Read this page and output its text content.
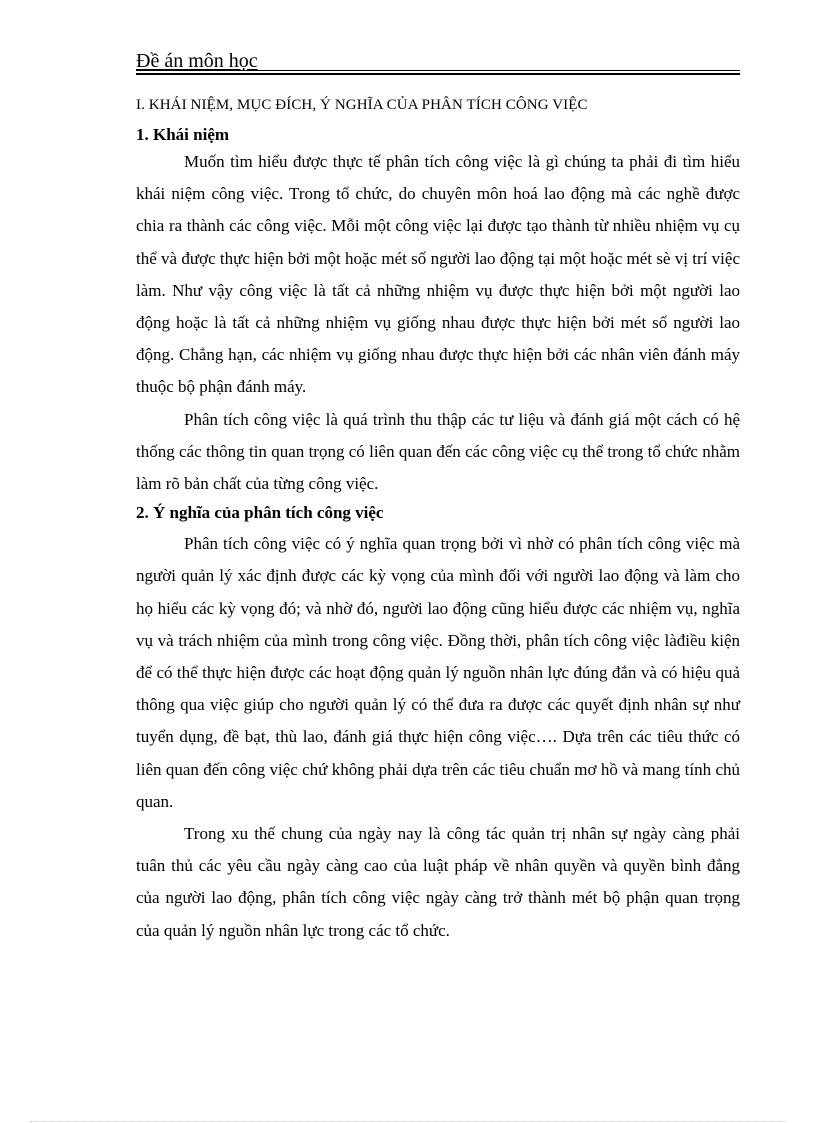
Đề án môn học
I. KHÁI NIỆM, MỤC ĐÍCH, Ý NGHĨA CỦA PHÂN TÍCH CÔNG VIỆC
1. Khái niệm

Muốn tìm hiểu được thực tế phân tích công việc là gì chúng ta phải đi tìm hiểu khái niệm công việc. Trong tổ chức, do chuyên môn hoá lao động mà các nghề được chia ra thành các công việc. Mỗi một công việc lại được tạo thành từ nhiều nhiệm vụ cụ thể và được thực hiện bởi một hoặc mét số người lao động tại một hoặc mét sè vị trí việc làm. Như vậy công việc là tất cả những nhiệm vụ được thực hiện bởi một người lao động hoặc là tất cả những nhiệm vụ giống nhau được thực hiện bởi mét số người lao động. Chẳng hạn, các nhiệm vụ giống nhau được thực hiện bởi các nhân viên đánh máy thuộc bộ phận đánh máy.

Phân tích công việc là quá trình thu thập các tư liệu và đánh giá một cách có hệ thống các thông tin quan trọng có liên quan đến các công việc cụ thể trong tổ chức nhằm làm rõ bản chất của từng công việc.

2. Ý nghĩa của phân tích công việc

Phân tích công việc có ý nghĩa quan trọng bởi vì nhờ có phân tích công việc mà người quản lý xác định được các kỳ vọng của mình đối với người lao động và làm cho họ hiểu các kỳ vọng đó; và nhờ đó, người lao động cũng hiểu được các nhiệm vụ, nghĩa vụ và trách nhiệm của mình trong công việc. Đồng thời, phân tích công việc làđiều kiện để có thể thực hiện được các hoạt động quản lý nguồn nhân lực đúng đắn và có hiệu quả thông qua việc giúp cho người quản lý có thể đưa ra được các quyết định nhân sự như tuyển dụng, đề bạt, thù lao, đánh giá thực hiện công việc…. Dựa trên các tiêu thức có liên quan đến công việc chứ không phải dựa trên các tiêu chuẩn mơ hồ và mang tính chủ quan.

Trong xu thế chung của ngày nay là công tác quản trị nhân sự ngày càng phải tuân thủ các yêu cầu ngày càng cao của luật pháp về nhân quyền và quyền bình đẳng của người lao động, phân tích công việc ngày càng trở thành mét bộ phận quan trọng của quản lý nguồn nhân lực trong các tổ chức.
